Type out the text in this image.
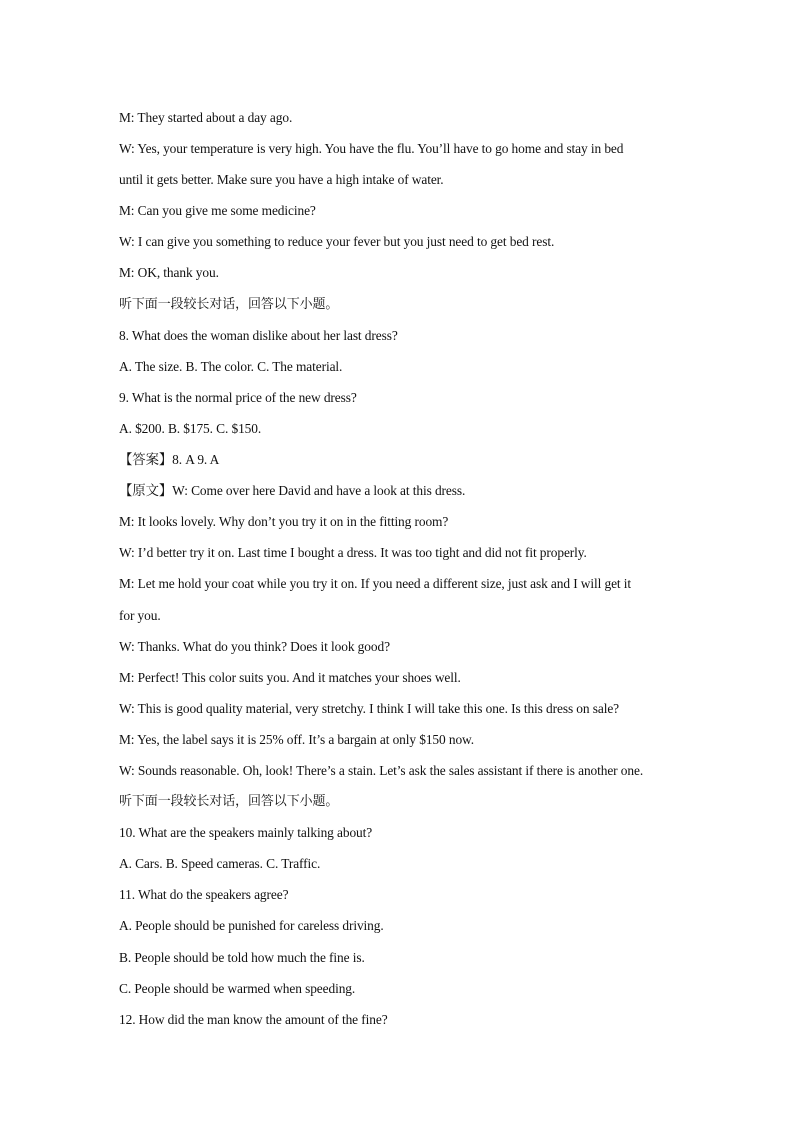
M: They started about a day ago.
W: Yes, your temperature is very high. You have the flu. You’ll have to go home and stay in bed
until it gets better. Make sure you have a high intake of water.
M: Can you give me some medicine?
W: I can give you something to reduce your fever but you just need to get bed rest.
M: OK, thank you.
听下面一段较长对话，回答以下小题。
8. What does the woman dislike about her last dress?
A. The size. B. The color. C. The material.
9. What is the normal price of the new dress?
A. $200. B. $175. C. $150.
【答案】8. A 9. A
【原文】W: Come over here David and have a look at this dress.
M: It looks lovely. Why don’t you try it on in the fitting room?
W: I’d better try it on. Last time I bought a dress. It was too tight and did not fit properly.
M: Let me hold your coat while you try it on. If you need a different size, just ask and I will get it
for you.
W: Thanks. What do you think? Does it look good?
M: Perfect! This color suits you. And it matches your shoes well.
W: This is good quality material, very stretchy. I think I will take this one. Is this dress on sale?
M: Yes, the label says it is 25% off. It’s a bargain at only $150 now.
W: Sounds reasonable. Oh, look! There’s a stain. Let’s ask the sales assistant if there is another one.
听下面一段较长对话，回答以下小题。
10. What are the speakers mainly talking about?
A. Cars. B. Speed cameras. C. Traffic.
11. What do the speakers agree?
A. People should be punished for careless driving.
B. People should be told how much the fine is.
C. People should be warmed when speeding.
12. How did the man know the amount of the fine?
